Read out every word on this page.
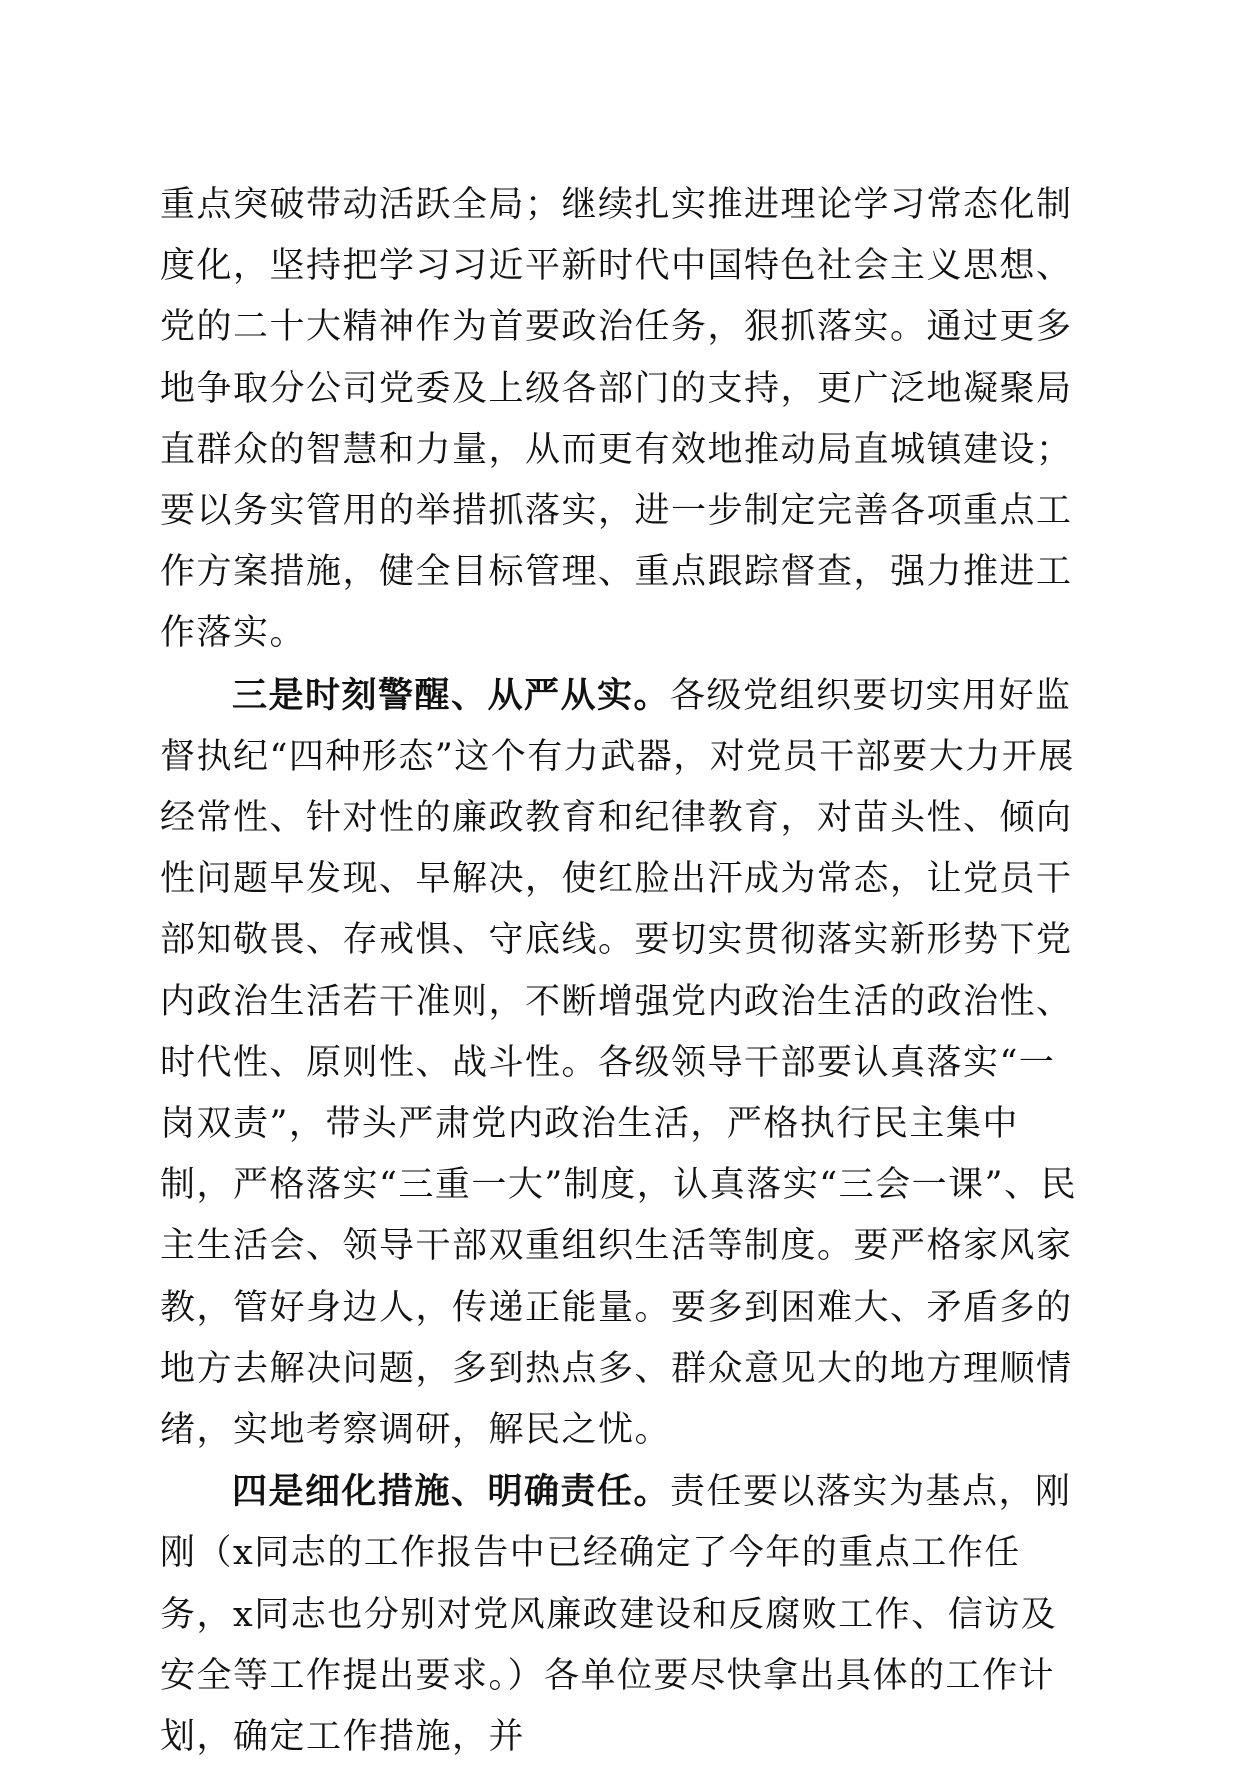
重点突破带动活跃全局；继续扎实推进理论学习常态化制度化，坚持把学习习近平新时代中国特色社会主义思想、党的二十大精神作为首要政治任务，狠抓落实。通过更多地争取分公司党委及上级各部门的支持，更广泛地凝聚局直群众的智慧和力量，从而更有效地推动局直城镇建设；要以务实管用的举措抓落实，进一步制定完善各项重点工作方案措施，健全目标管理、重点跟踪督查，强力推进工作落实。

三是时刻警醒、从严从实。各级党组织要切实用好监督执纪“四种形态”这个有力武器，对党员干部要大力开展经常性、针对性的廉政教育和纪律教育，对苗头性、倾向性问题早发现、早解决，使红脸出汗成为常态，让党员干部知敬畏、存戒惧、守底线。要切实贯彻落实新形势下党内政治生活若干准则，不断增强党内政治生活的政治性、时代性、原则性、战斗性。各级领导干部要认真落实“一岗双责”，带头严肃党内政治生活，严格执行民主集中制，严格落实“三重一大”制度，认真落实“三会一课”、民主生活会、领导干部双重组织生活等制度。要严格家风家教，管好身边人，传递正能量。要多到困难大、矛盾多的地方去解决问题，多到热点多、群众意见大的地方理顺情绪，实地考察调研，解民之忧。

四是细化措施、明确责任。责任要以落实为基点，刚刚（x同志的工作报告中已经确定了今年的重点工作任务，x同志也分别对党风廉政建设和反腐败工作、信访及安全等工作提出要求。）各单位要尽快拿出具体的工作计划，确定工作措施，并
